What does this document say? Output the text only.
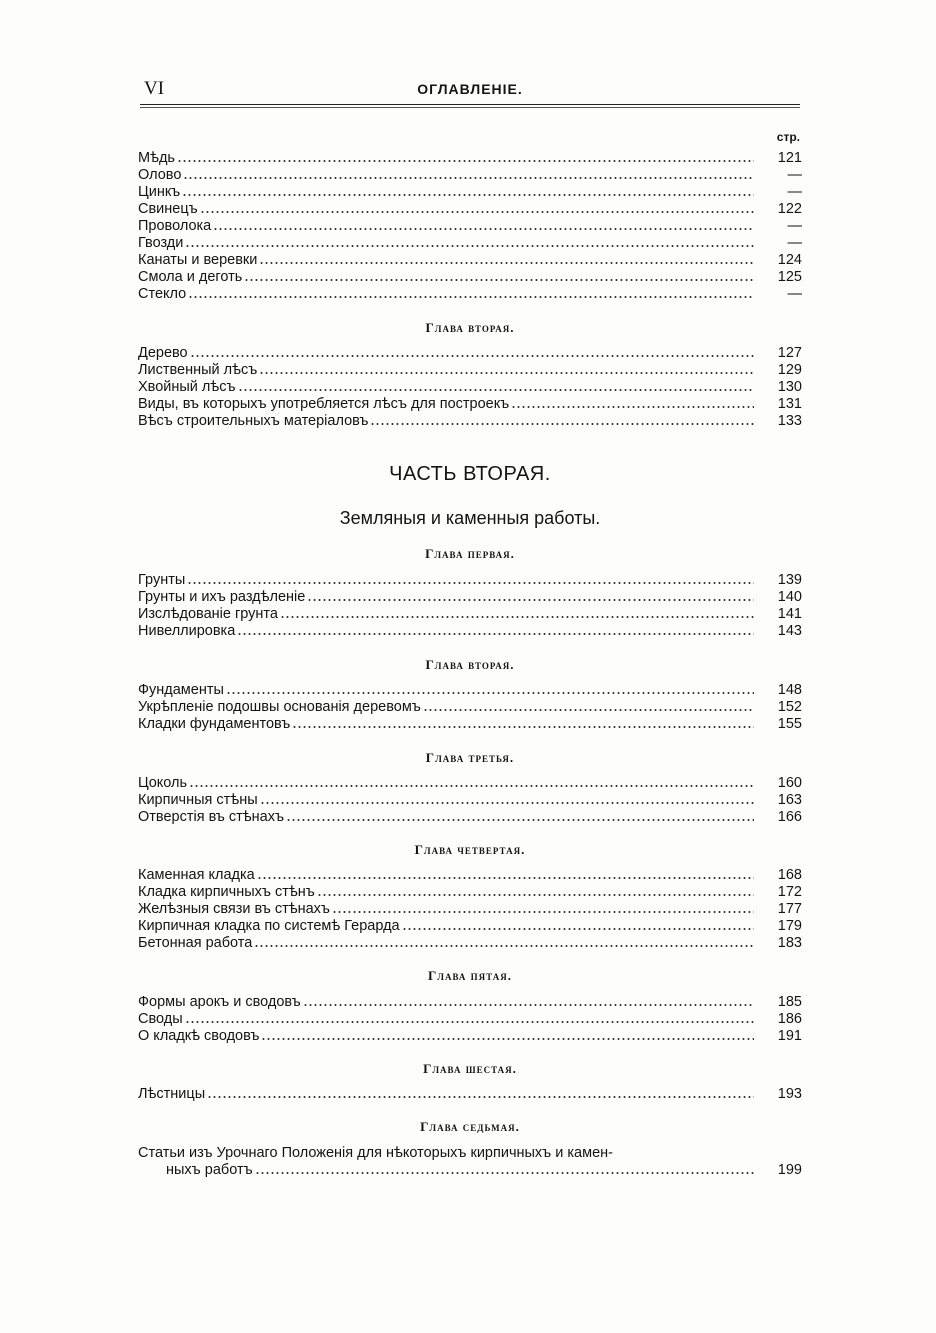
VI	ОГЛАВЛЕНІЕ.
стр.
Мѣдь	121
Олово	—
Цинкъ	—
Свинецъ	122
Проволока	—
Гвозди	—
Канаты и веревки	124
Смола и деготь	125
Стекло	—
Глава вторая.
Дерево	127
Лиственный лѣсъ	129
Хвойный лѣсъ	130
Виды, въ которыхъ употребляется лѣсъ для построекъ	131
Вѣсъ строительныхъ матеріаловъ	133
ЧАСТЬ ВТОРАЯ.
Земляныя и каменныя работы.
Глава первая.
Грунты	139
Грунты и ихъ раздѣленіе	140
Изслѣдованіе грунта	141
Нивеллировка	143
Глава вторая.
Фундаменты	148
Укрѣпленіе подошвы основанія деревомъ	152
Кладки фундаментовъ	155
Глава третья.
Цоколь	160
Кирпичныя стѣны	163
Отверстія въ стѣнахъ	166
Глава четвертая.
Каменная кладка	168
Кладка кирпичныхъ стѣнъ	172
Желѣзныя связи въ стѣнахъ	177
Кирпичная кладка по системѣ Герарда	179
Бетонная работа	183
Глава пятая.
Формы арокъ и сводовъ	185
Своды	186
О кладкѣ сводовъ	191
Глава шестая.
Лѣстницы	193
Глава седьмая.
Статьи изъ Урочнаго Положенія для нѣкоторыхъ кирпичныхъ и камен-
ныхъ работъ	199
